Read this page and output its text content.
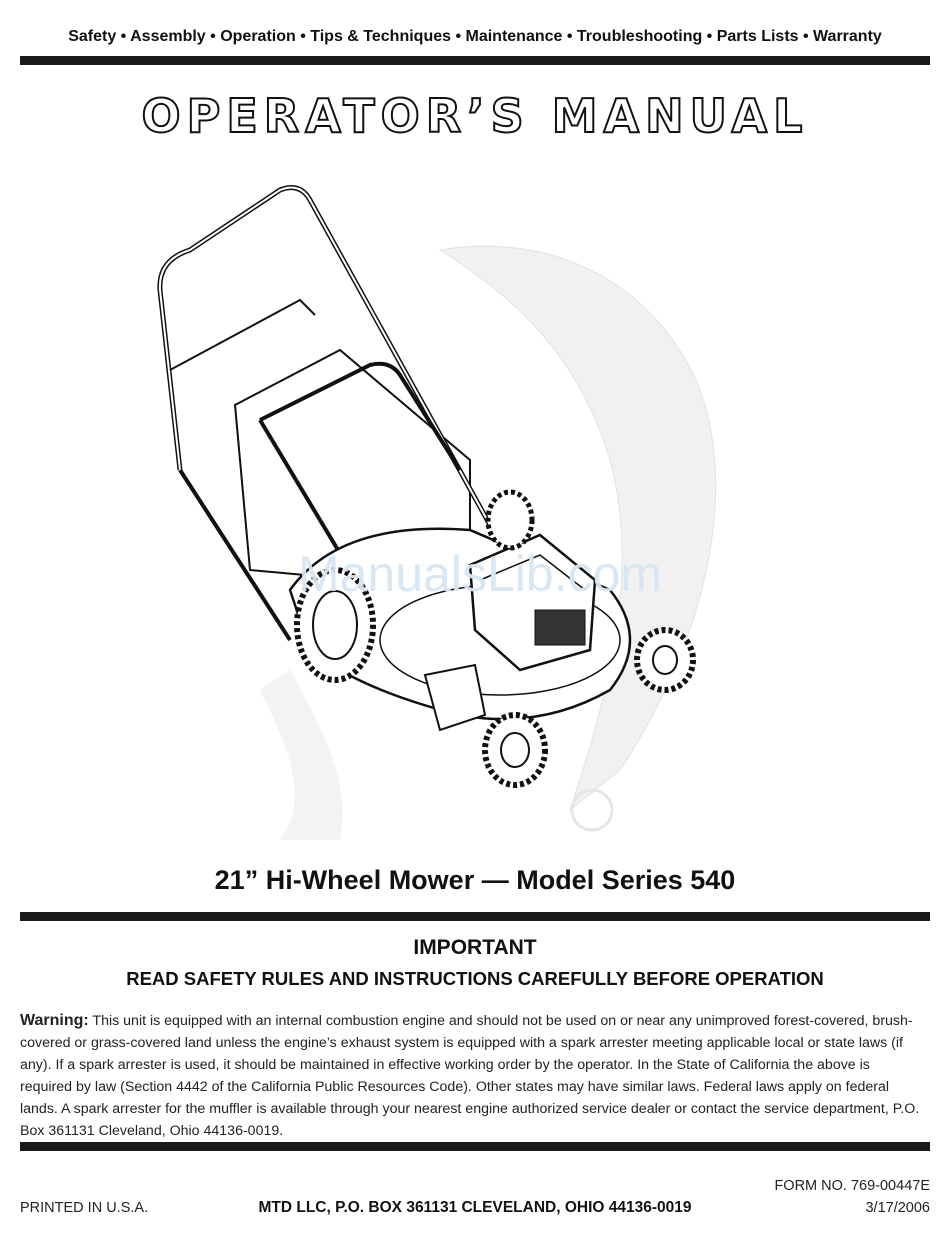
Safety • Assembly • Operation • Tips & Techniques • Maintenance • Troubleshooting • Parts Lists • Warranty
OPERATOR’S MANUAL
ManualsLib.com
21” Hi-Wheel Mower — Model Series 540
IMPORTANT
READ SAFETY RULES AND INSTRUCTIONS CAREFULLY BEFORE OPERATION
Warning: This unit is equipped with an internal combustion engine and should not be used on or near any unimproved forest-covered, brush-covered or grass-covered land unless the engine’s exhaust system is equipped with a spark arrester meeting applicable local or state laws (if any). If a spark arrester is used, it should be maintained in effective working order by the operator. In the State of California the above is required by law (Section 4442 of the California Public Resources Code). Other states may have similar laws. Federal laws apply on federal lands. A spark arrester for the muffler is available through your nearest engine authorized service dealer or contact the service department, P.O. Box 361131 Cleveland, Ohio 44136-0019.
FORM NO. 769-00447E
PRINTED IN U.S.A.	MTD LLC, P.O. BOX 361131 CLEVELAND, OHIO 44136-0019	3/17/2006
